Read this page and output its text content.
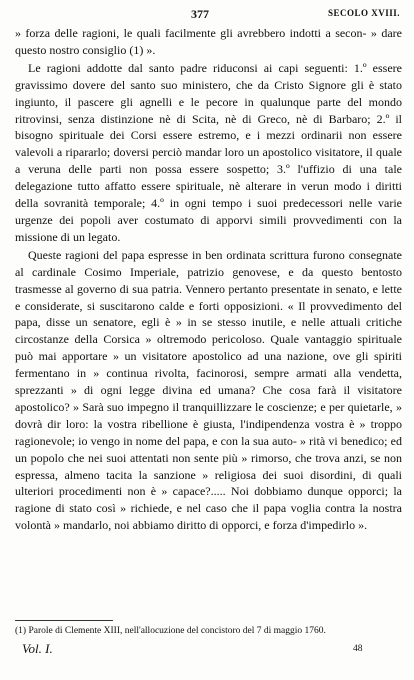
377	SECOLO XVIII.

» forza delle ragioni, le quali facilmente gli avrebbero indotti a secon- » dare questo nostro consiglio (1) ».

Le ragioni addotte dal santo padre riduconsi ai capi seguenti: 1.º essere gravissimo dovere del santo suo ministero, che da Cristo Signore gli è stato ingiunto, il pascere gli agnelli e le pecore in qualunque parte del mondo ritrovinsi, senza distinzione nè di Scita, nè di Greco, nè di Barbaro; 2.º il bisogno spirituale dei Corsi essere estremo, e i mezzi ordinarii non essere valevoli a ripararlo; doversi perciò mandar loro un apostolico visitatore, il quale a veruna delle parti non possa essere sospetto; 3.º l'uffizio di una tale delegazione tutto affatto essere spirituale, nè alterare in verun modo i diritti della sovranità temporale; 4.º in ogni tempo i suoi predecessori nelle varie urgenze dei popoli aver costumato di apporvi simili provvedimenti con la missione di un legato.

Queste ragioni del papa espresse in ben ordinata scrittura furono consegnate al cardinale Cosimo Imperiale, patrizio genovese, e da questo bentosto trasmesse al governo di sua patria. Vennero pertanto presentate in senato, e lette e considerate, si suscitarono calde e forti opposizioni. « Il provvedimento del papa, disse un senatore, egli è » in se stesso inutile, e nelle attuali critiche circostanze della Corsica » oltremodo pericoloso. Quale vantaggio spirituale può mai apportare » un visitatore apostolico ad una nazione, ove gli spiriti fermentano in » continua rivolta, facinorosi, sempre armati alla vendetta, sprezzanti » di ogni legge divina ed umana? Che cosa farà il visitatore apostolico? » Sarà suo impegno il tranquillizzare le coscienze; e per quietarle, » dovrà dir loro: la vostra ribellione è giusta, l'indipendenza vostra è » troppo ragionevole; io vengo in nome del papa, e con la sua auto- » rità vi benedico; ed un popolo che nei suoi attentati non sente più » rimorso, che trova anzi, se non espressa, almeno tacita la sanzione » religiosa dei suoi disordini, di quali ulteriori procedimenti non è » capace?..... Noi dobbiamo dunque opporci; la ragione di stato così » richiede, e nel caso che il papa voglia contra la nostra volontà » mandarlo, noi abbiamo diritto di opporci, e forza d'impedirlo ».

(1) Parole di Clemente XIII, nell'allocuzione del concistoro del 7 di maggio 1760.
Vol. I.	48
